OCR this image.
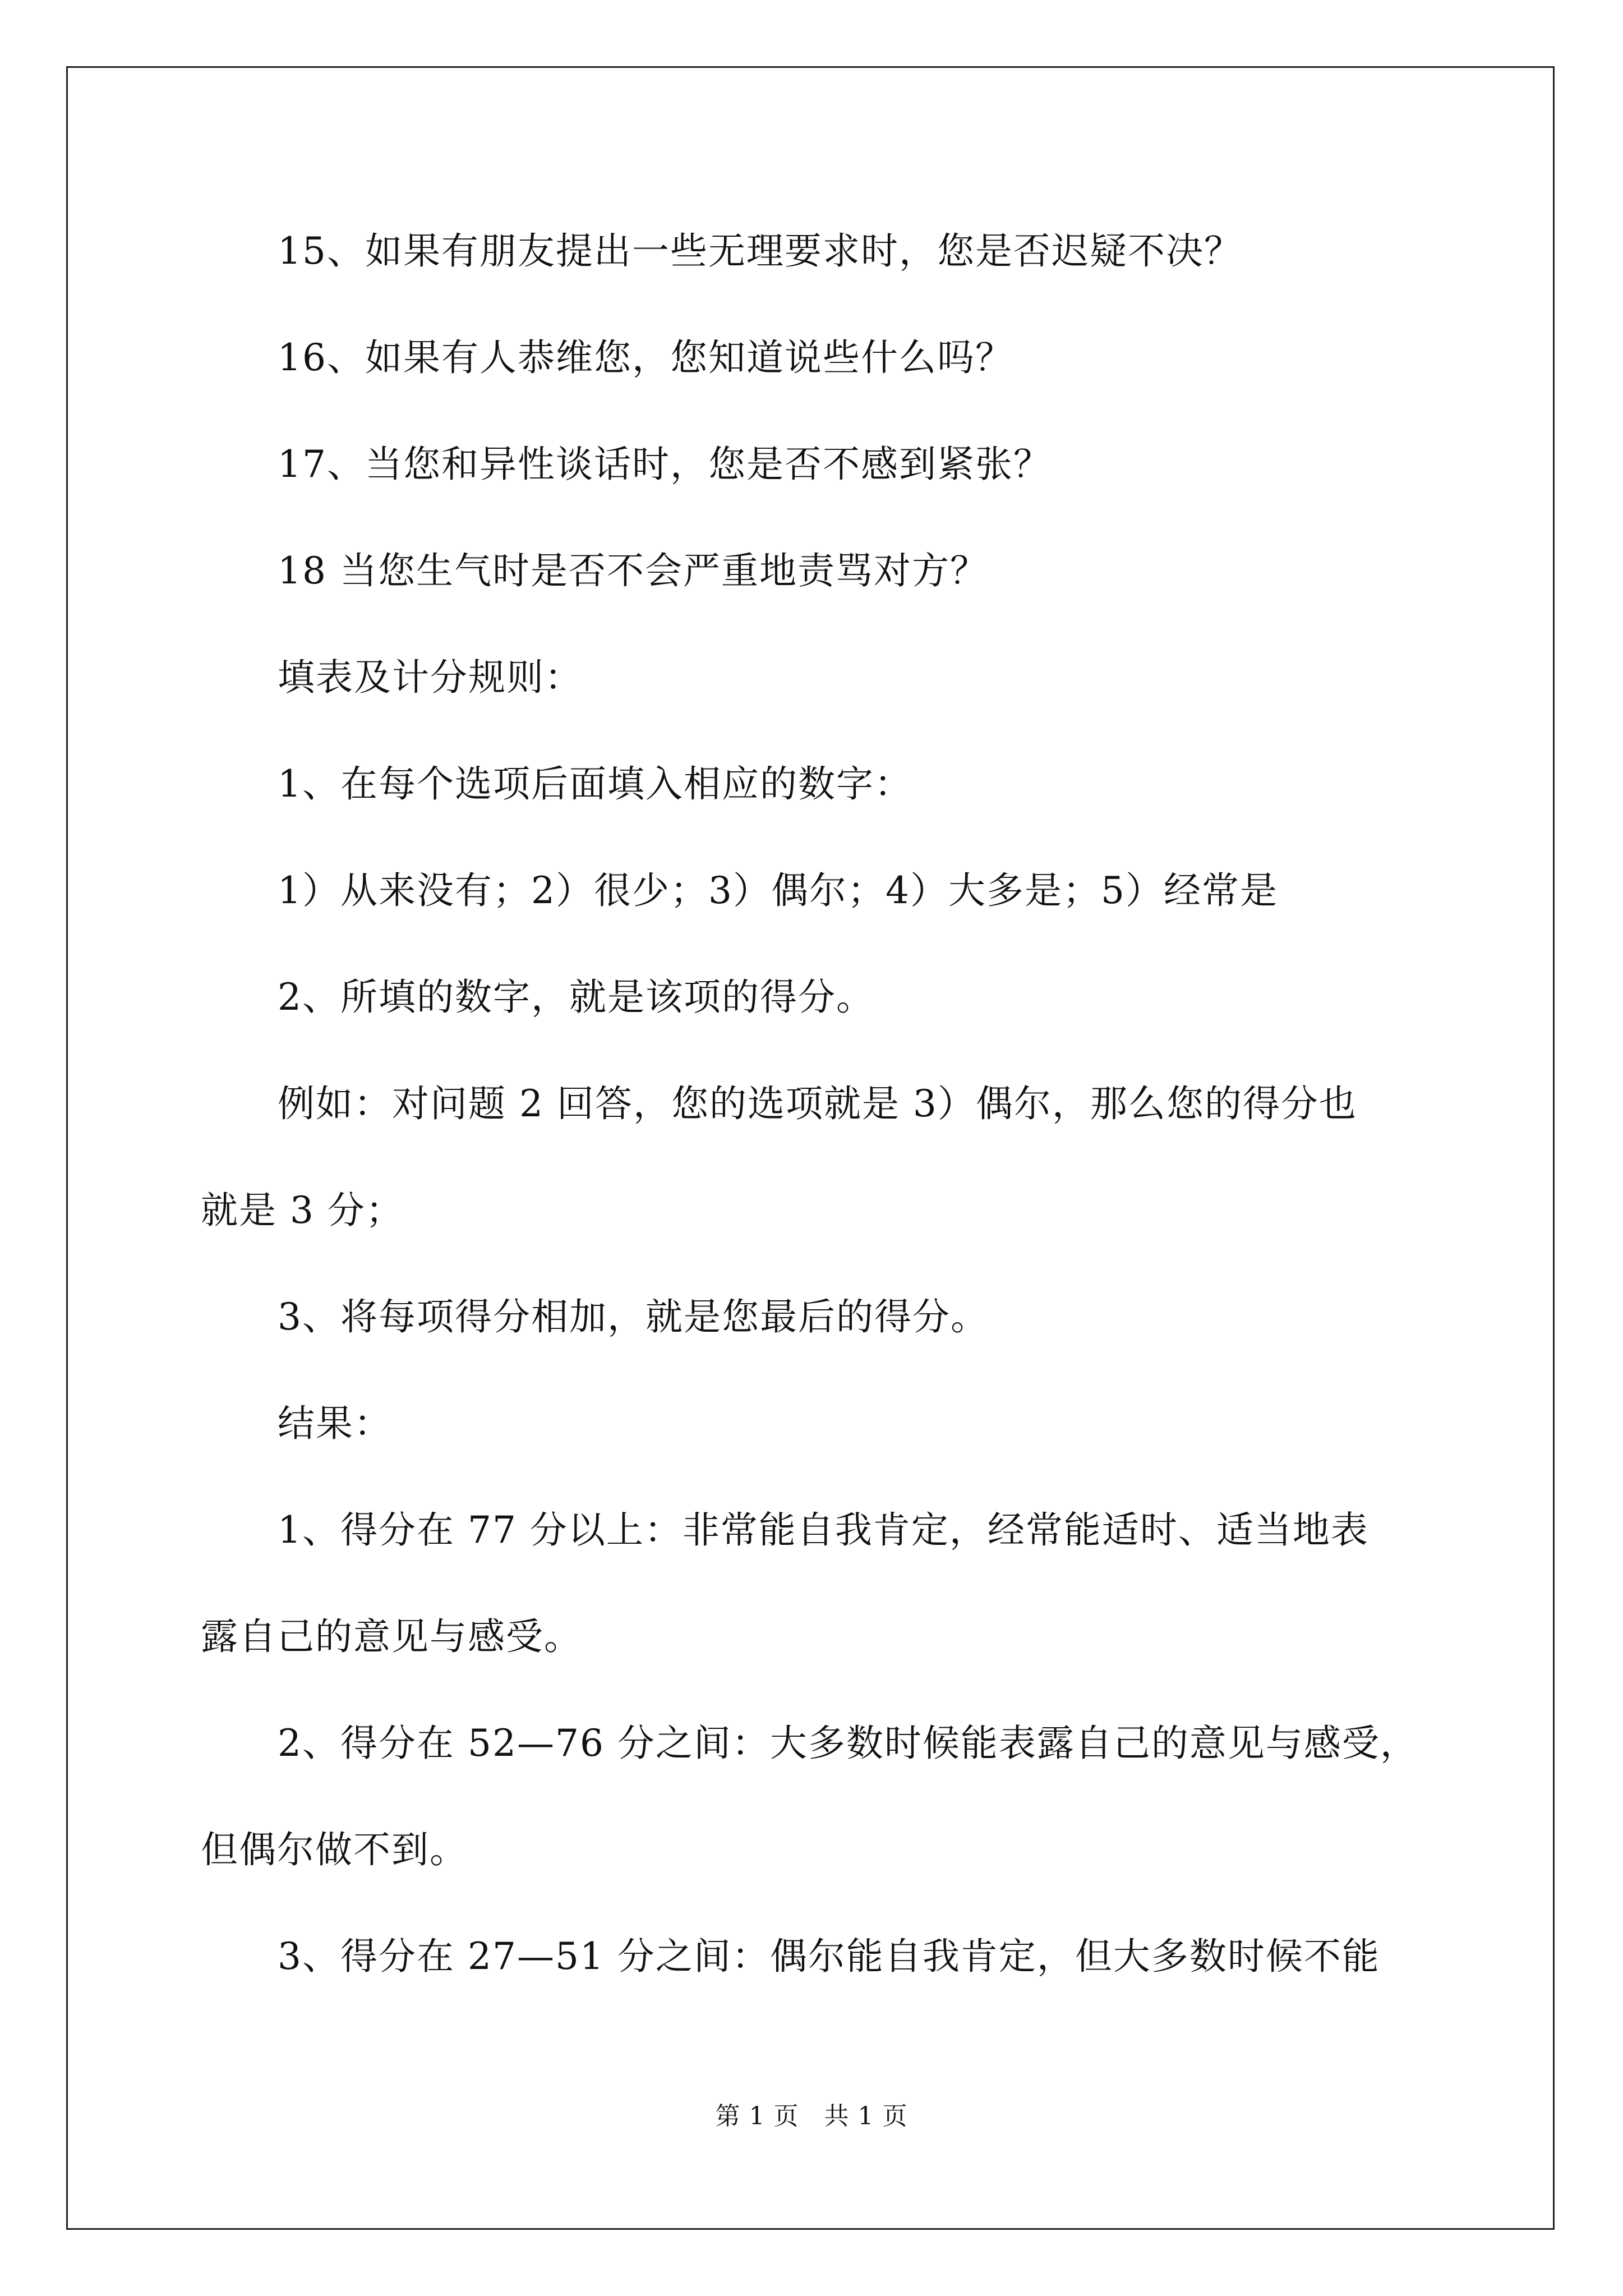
15、如果有朋友提出一些无理要求时，您是否迟疑不决？

16、如果有人恭维您，您知道说些什么吗？

17、当您和异性谈话时，您是否不感到紧张？

18 当您生气时是否不会严重地责骂对方？

填表及计分规则：

1、在每个选项后面填入相应的数字：

1）从来没有；2）很少；3）偶尔；4）大多是；5）经常是

2、所填的数字，就是该项的得分。

例如：对问题 2 回答，您的选项就是 3）偶尔，那么您的得分也

就是 3 分；

3、将每项得分相加，就是您最后的得分。

结果：

1、得分在 77 分以上：非常能自我肯定，经常能适时、适当地表

露自己的意见与感受。

2、得分在 52—76 分之间：大多数时候能表露自己的意见与感受，

但偶尔做不到。

3、得分在 27—51 分之间：偶尔能自我肯定，但大多数时候不能

第 1 页　共 1 页
